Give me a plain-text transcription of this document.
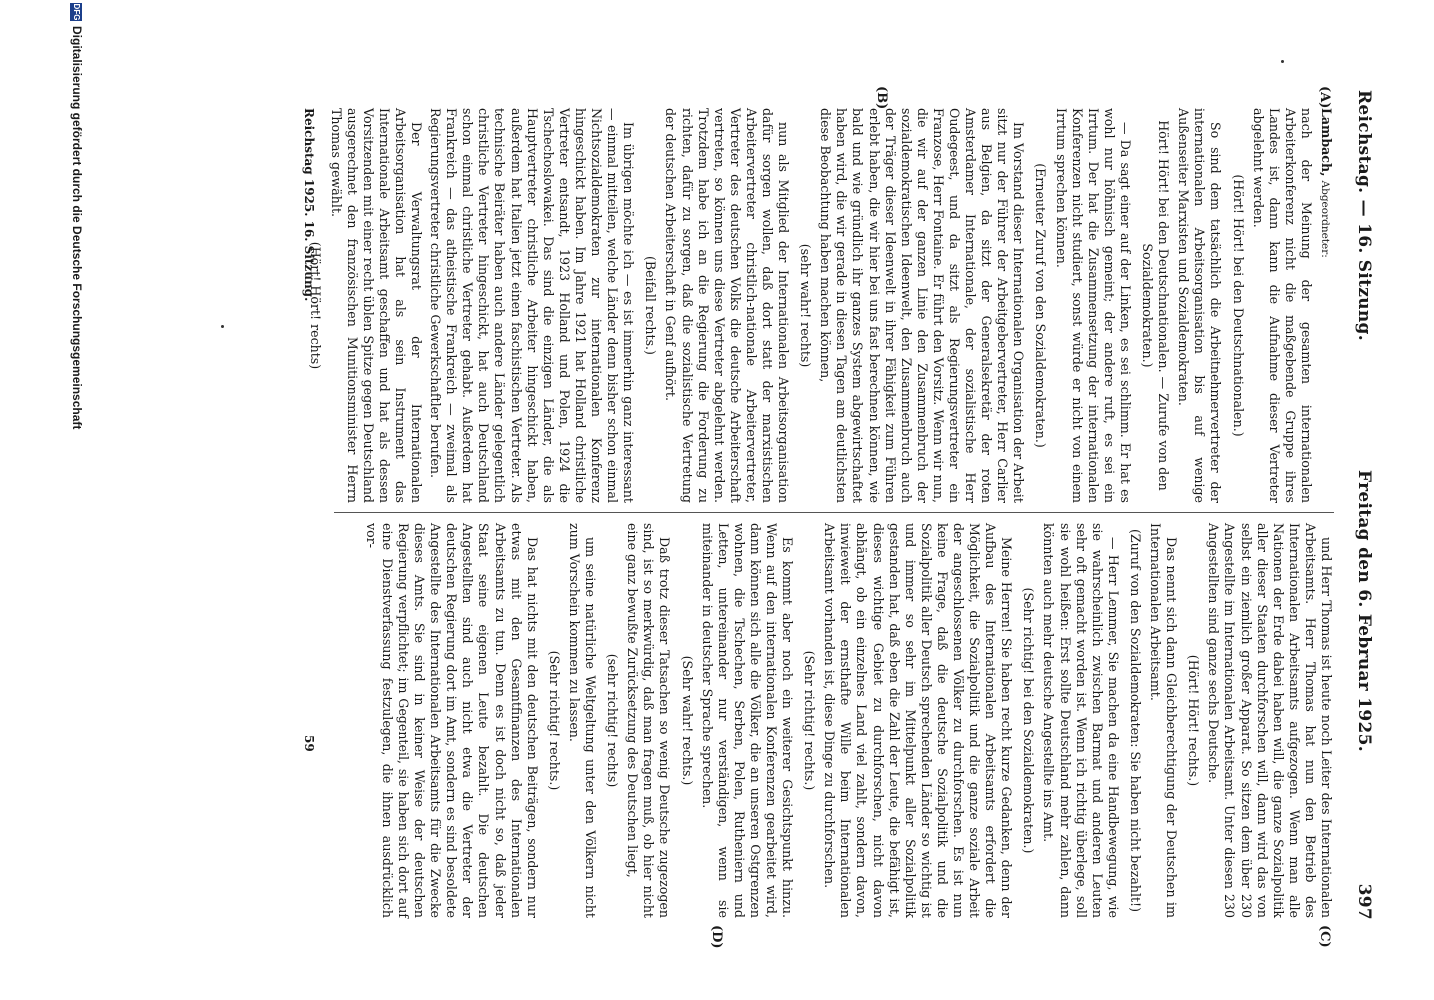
Reichstag. — 16. Sitzung.
Freitag den 6. Februar 1925.
397
(A)
(B)
(C)
(D)

Lambach, Abgeordneter:

nach der Meinung der gesamten internationalen Arbeiterkonferenz nicht die maßgebende Gruppe ihres Landes ist, dann kann die Aufnahme dieser Vertreter abgelehnt werden.

(Hört! Hört! bei den Deutschnationalen.)

So sind dem tatsächlich die Arbeitnehmervertreter der internationalen Arbeitsorganisation bis auf wenige Außenseiter Marxisten und Sozialdemokraten.

Hört! Hört! bei den Deutschnationalen. — Zurufe von den Sozialdemokraten.)

— Da sagt einer auf der Linken, es sei schlimm. Er hat es wohl nur höhnisch gemeint; der andere ruft, es sei ein Irrtum. Der hat die Zusammensetzung der internationalen Konferenzen nicht studiert, sonst würde er nicht von einem Irrtum sprechen können.

(Erneuter Zuruf von den Sozialdemokraten.)

Im Vorstand dieser Internationalen Organisation der Arbeit sitzt nur der Führer der Arbeitgebervertreter, Herr Carlier aus Belgien, da sitzt der Generalsekretär der roten Amsterdamer Internationale, der sozialistische Herr Oudegeest, und da sitzt als Regierungsvertreter ein Franzose, Herr Fontaine. Er führt den Vorsitz. Wenn wir nun, die wir auf der ganzen Linie den Zusammenbruch der sozialdemokratischen Ideenwelt, den Zusammenbruch auch der Träger dieser Ideenwelt in ihrer Fähigkeit zum Führen erlebt haben, die wir hier bei uns fast berechnen können, wie bald und wie gründlich ihr ganzes System abgewirtschaftet haben wird, die wir gerade in diesen Tagen am deutlichsten diese Beobachtung haben machen können,

(sehr wahr! rechts)

nun als Mitglied der Internationalen Arbeitsorganisation dafür sorgen wollen, daß dort statt der marxistischen Arbeitervertreter christlich-nationale Arbeitervertreter, Vertreter des deutschen Volks die deutsche Arbeiterschaft vertreten, so können uns diese Vertreter abgelehnt werden. Trotzdem habe ich an die Regierung die Forderung zu richten, dafür zu sorgen, daß die sozialistische Vertretung der deutschen Arbeiterschaft in Genf aufhört.

(Beifall rechts.)

Im übrigen möchte ich — es ist immerhin ganz interessant — einmal mitteilen, welche Länder denn bisher schon einmal Nichtsozialdemokraten zur internationalen Konferenz hingeschickt haben. Im Jahre 1921 hat Holland christliche Vertreter entsandt, 1923 Holland und Polen, 1924 die Tschechoslowakei. Das sind die einzigen Länder, die als Hauptvertreter christliche Arbeiter hingeschickt haben, außerdem hat Italien jetzt einen faschistischen Vertreter. Als technische Beiräter haben auch andere Länder gelegentlich christliche Vertreter hingeschickt, hat auch Deutschland schon einmal christliche Vertreter gehabt. Außerdem hat Frankreich — das atheistische Frankreich — zweimal als Regierungsvertreter christliche Gewerkschaftler berufen.

Der Verwaltungsrat der Internationalen Arbeitsorganisation hat als sein Instrument das Internationale Arbeitsamt geschaffen und hat als dessen Vorsitzenden mit einer recht üblen Spitze gegen Deutschland ausgerechnet den französischen Munitionsminister Herrn Thomas gewählt.

(Hört! Hört! rechts)

und Herr Thomas ist heute noch Leiter des Internationalen Arbeitsamts. Herr Thomas hat nun den Betrieb des Internationalen Arbeitsamts aufgezogen. Wenn man alle Nationen der Erde dabei haben will, die ganze Sozialpolitik aller dieser Staaten durchforschen will, dann wird das von selbst ein ziemlich großer Apparat. So sitzen dem über 230 Angestellte im Internationalen Arbeitsamt. Unter diesen 230 Angestellten sind ganze sechs Deutsche.

(Hört! Hört! rechts.)

Das nennt sich dann Gleichberechtigung der Deutschen im Internationalen Arbeitsamt.

(Zuruf von den Sozialdemokraten: Sie haben nicht bezahlt!)

— Herr Lemmer, Sie machen da eine Handbewegung, wie sie wahrscheinlich zwischen Barmat und anderen Leuten sehr oft gemacht worden ist. Wenn ich richtig überlege, soll sie wohl heißen: Erst sollte Deutschland mehr zahlen, dann könnten auch mehr deutsche Angestellte ins Amt.

(Sehr richtig! bei den Sozialdemokraten.)

Meine Herren! Sie haben recht kurze Gedanken, denn der Aufbau des Internationalen Arbeitsamts erfordert die Möglichkeit, die Sozialpolitik und die ganze soziale Arbeit der angeschlossenen Völker zu durchforschen. Es ist nun keine Frage, daß die deutsche Sozialpolitik und die Sozialpolitik aller Deutsch sprechenden Länder so wichtig ist und immer so sehr im Mittelpunkt aller Sozialpolitik gestanden hat, daß eben die Zahl der Leute, die befähigt ist, dieses wichtige Gebiet zu durchforschen, nicht davon abhängt, ob ein einzelnes Land viel zahlt, sondern davon, inwieweit der ernsthafte Wille beim Internationalen Arbeitsamt vorhanden ist, diese Dinge zu durchforschen.

(Sehr richtig! rechts.)

Es kommt aber noch ein weiterer Gesichtspunkt hinzu. Wenn auf den internationalen Konferenzen gearbeitet wird, dann können sich alle die Völker, die an unseren Ostgrenzen wohnen, die Tschechen, Serben, Polen, Rutheniern und Letten, untereinander nur verständigen, wenn sie miteinander in deutscher Sprache sprechen.

(Sehr wahr! rechts.)

Daß trotz dieser Tatsachen so wenig Deutsche zugezogen sind, ist so merkwürdig, daß man fragen muß, ob hier nicht eine ganz bewußte Zurücksetzung des Deutschen liegt,

(sehr richtig! rechts)

um seine natürliche Weltgeltung unter den Völkern nicht zum Vorschein kommen zu lassen.

(Sehr richtig! rechts.)

Das hat nichts mit den deutschen Beiträgen, sondern nur etwas mit den Gesamtfinanzen des Internationalen Arbeitsamts zu tun. Denn es ist doch nicht so, daß jeder Staat seine eigenen Leute bezahlt. Die deutschen Angestellten sind auch nicht etwa die Vertreter der deutschen Regierung dort im Amt, sondern es sind besoldete Angestellte des Internationalen Arbeitsamts für die Zwecke dieses Amts. Sie sind in keiner Weise der deutschen Regierung verpflichtet; im Gegenteil, sie haben sich dort auf eine Dienstverfassung festzulegen, die ihnen ausdrücklich vor-

Reichstag 1925. 16. Sitzung.
59
DFG
Digitalisierung gefördert durch die Deutsche Forschungsgemeinschaft
